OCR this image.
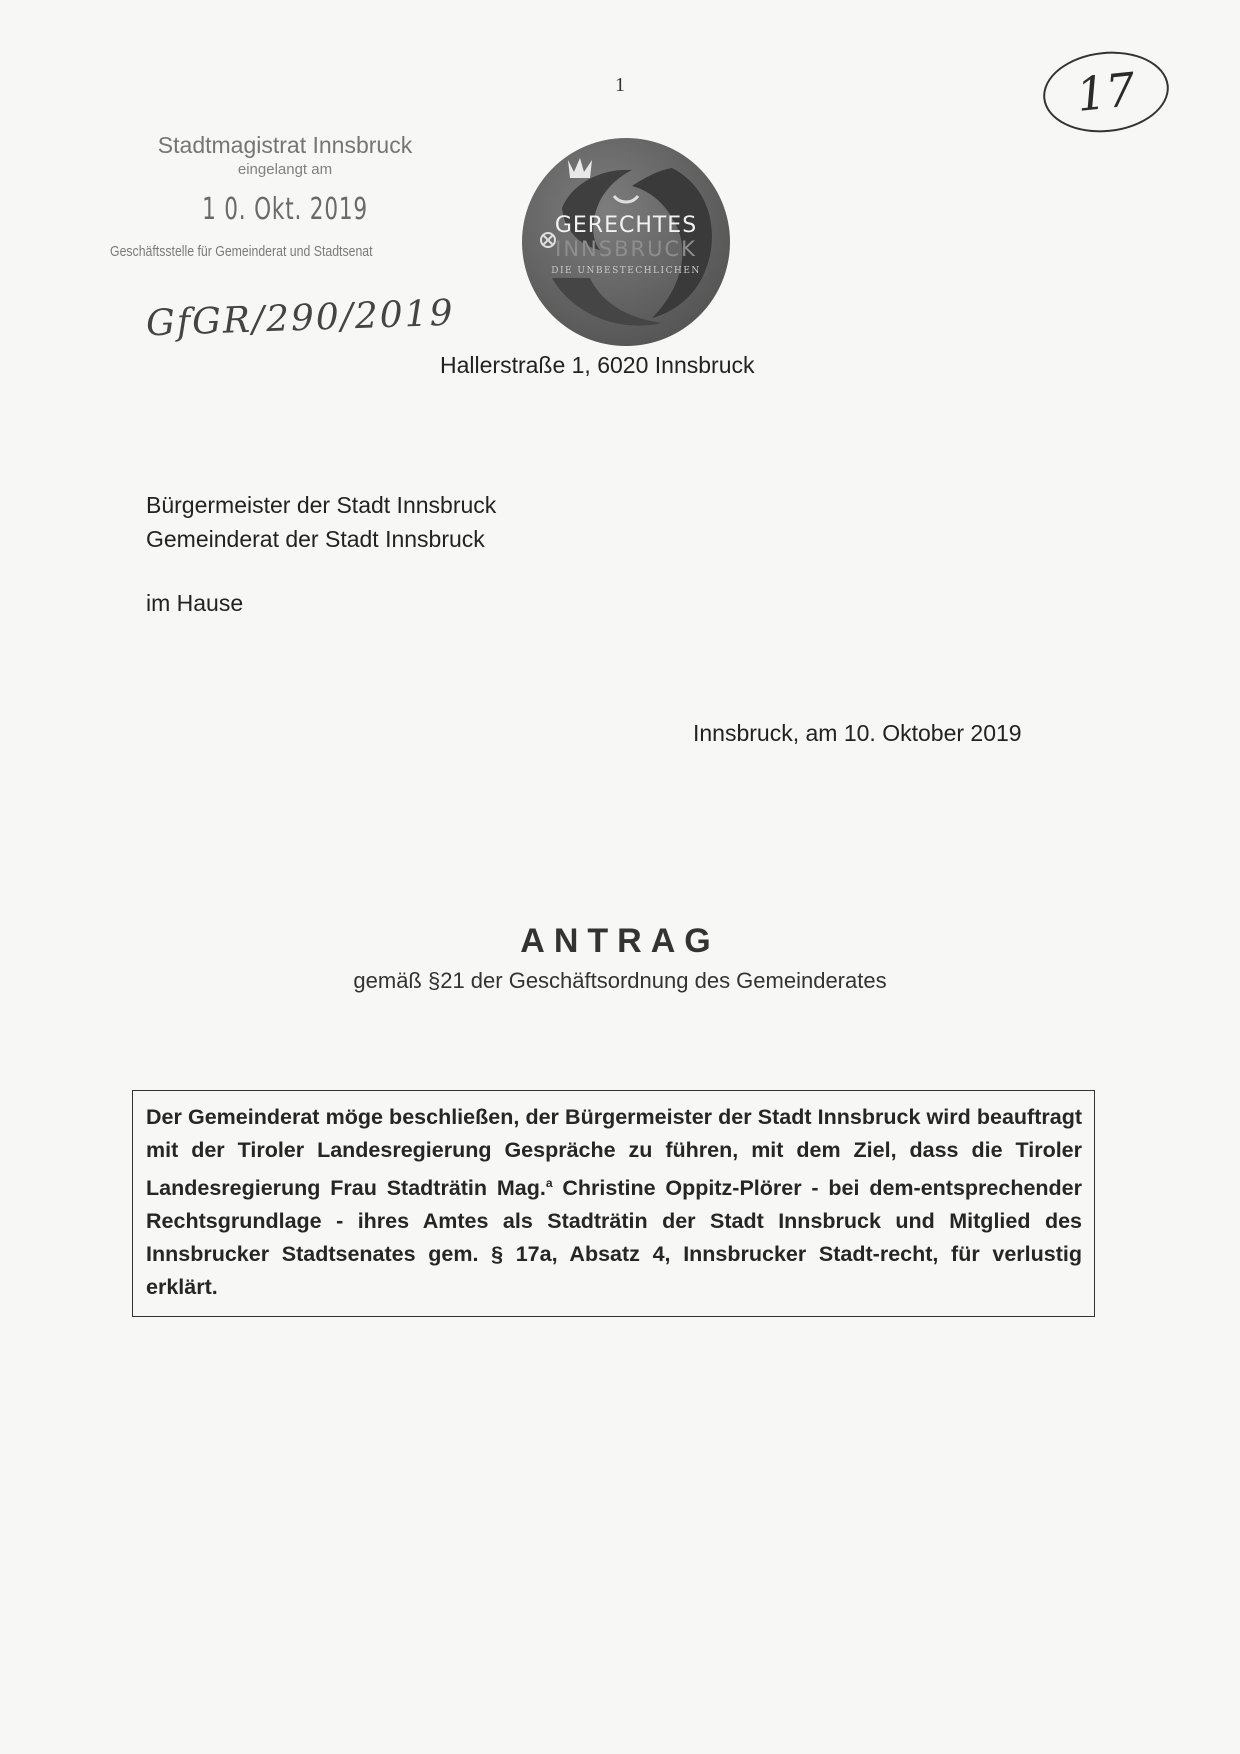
1	17
Stadtmagistrat Innsbruck
eingelangt am
1 0. Okt. 2019
Geschäftsstelle für Gemeinderat und Stadtsenat
GfGR/290/2019
GERECHTES
INNSBRUCK
DIE UNBESTECHLICHEN
Hallerstraße 1, 6020 Innsbruck
Bürgermeister der Stadt Innsbruck
Gemeinderat der Stadt Innsbruck
im Hause
Innsbruck, am 10. Oktober 2019
ANTRAG
gemäß §21 der Geschäftsordnung des Gemeinderates
Der Gemeinderat möge beschließen, der Bürgermeister der Stadt Innsbruck wird beauftragt mit der Tiroler Landesregierung Gespräche zu führen, mit dem Ziel, dass die Tiroler Landesregierung Frau Stadträtin Mag.$^a$ Christine Oppitz-Plörer - bei dem-entsprechender Rechtsgrundlage - ihres Amtes als Stadträtin der Stadt Innsbruck und Mitglied des Innsbrucker Stadtsenates gem. § 17a, Absatz 4, Innsbrucker Stadt-recht, für verlustig erklärt.
